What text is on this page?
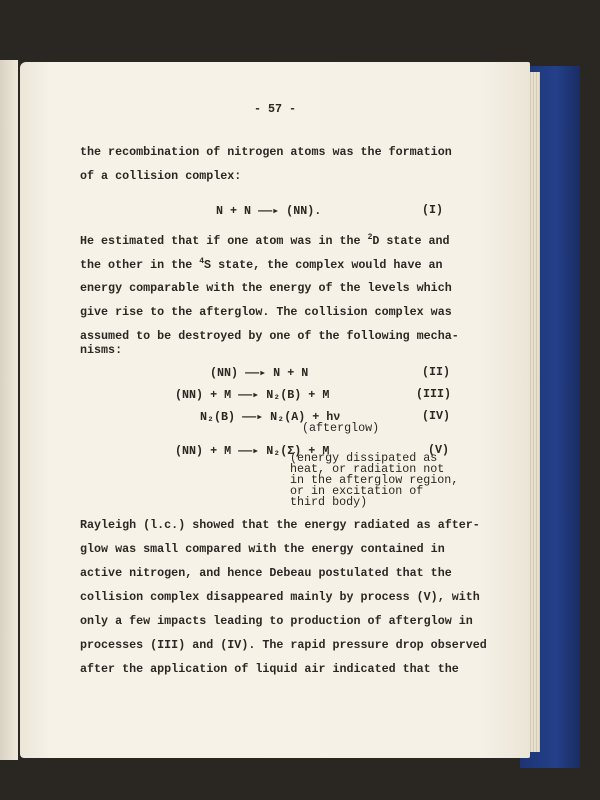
- 57 -
the recombination of nitrogen atoms was the formation
of a collision complex:
N + N ——▸ (NN).	(I)
He estimated that if one atom was in the $^2$D state and
the other in the $^4$S state, the complex would have an
energy comparable with the energy of the levels which
give rise to the afterglow. The collision complex was
assumed to be destroyed by one of the following mecha-
nisms:
(NN) ——▸ N + N	(II)
(NN) + M ——▸ N₂(B) + M	(III)
N₂(B) ——▸ N₂(A) + hν	(IV)
(afterglow)
(NN) + M ——▸ N₂(Σ) + M	(V)
(energy dissipated as
heat, or radiation not
in the afterglow region,
or in excitation of
third body)
Rayleigh (l.c.) showed that the energy radiated as after-
glow was small compared with the energy contained in
active nitrogen, and hence Debeau postulated that the
collision complex disappeared mainly by process (V), with
only a few impacts leading to production of afterglow in
processes (III) and (IV). The rapid pressure drop observed
after the application of liquid air indicated that the
